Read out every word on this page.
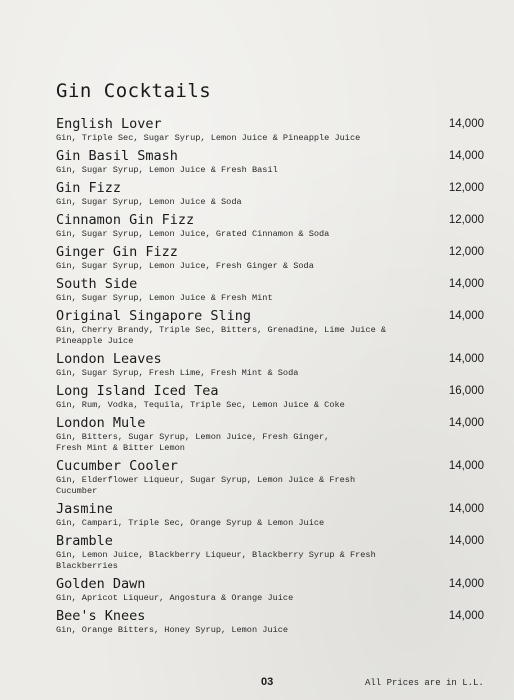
Gin Cocktails
English Lover
Gin, Triple Sec, Sugar Syrup, Lemon Juice & Pineapple Juice
14,000
Gin Basil Smash
Gin, Sugar Syrup, Lemon Juice & Fresh Basil
14,000
Gin Fizz
Gin, Sugar Syrup, Lemon Juice & Soda
12,000
Cinnamon Gin Fizz
Gin, Sugar Syrup, Lemon Juice, Grated Cinnamon & Soda
12,000
Ginger Gin Fizz
Gin, Sugar Syrup, Lemon Juice, Fresh Ginger & Soda
12,000
South Side
Gin, Sugar Syrup, Lemon Juice & Fresh Mint
14,000
Original Singapore Sling
Gin, Cherry Brandy, Triple Sec, Bitters, Grenadine, Lime Juice & Pineapple Juice
14,000
London Leaves
Gin, Sugar Syrup, Fresh Lime, Fresh Mint & Soda
14,000
Long Island Iced Tea
Gin, Rum, Vodka, Tequila, Triple Sec, Lemon Juice & Coke
16,000
London Mule
Gin, Bitters, Sugar Syrup, Lemon Juice, Fresh Ginger, Fresh Mint & Bitter Lemon
14,000
Cucumber Cooler
Gin, Elderflower Liqueur, Sugar Syrup, Lemon Juice & Fresh Cucumber
14,000
Jasmine
Gin, Campari, Triple Sec, Orange Syrup & Lemon Juice
14,000
Bramble
Gin, Lemon Juice, Blackberry Liqueur, Blackberry Syrup & Fresh Blackberries
14,000
Golden Dawn
Gin, Apricot Liqueur, Angostura & Orange Juice
14,000
Bee's Knees
Gin, Orange Bitters, Honey Syrup, Lemon Juice
14,000
03	All Prices are in L.L.
